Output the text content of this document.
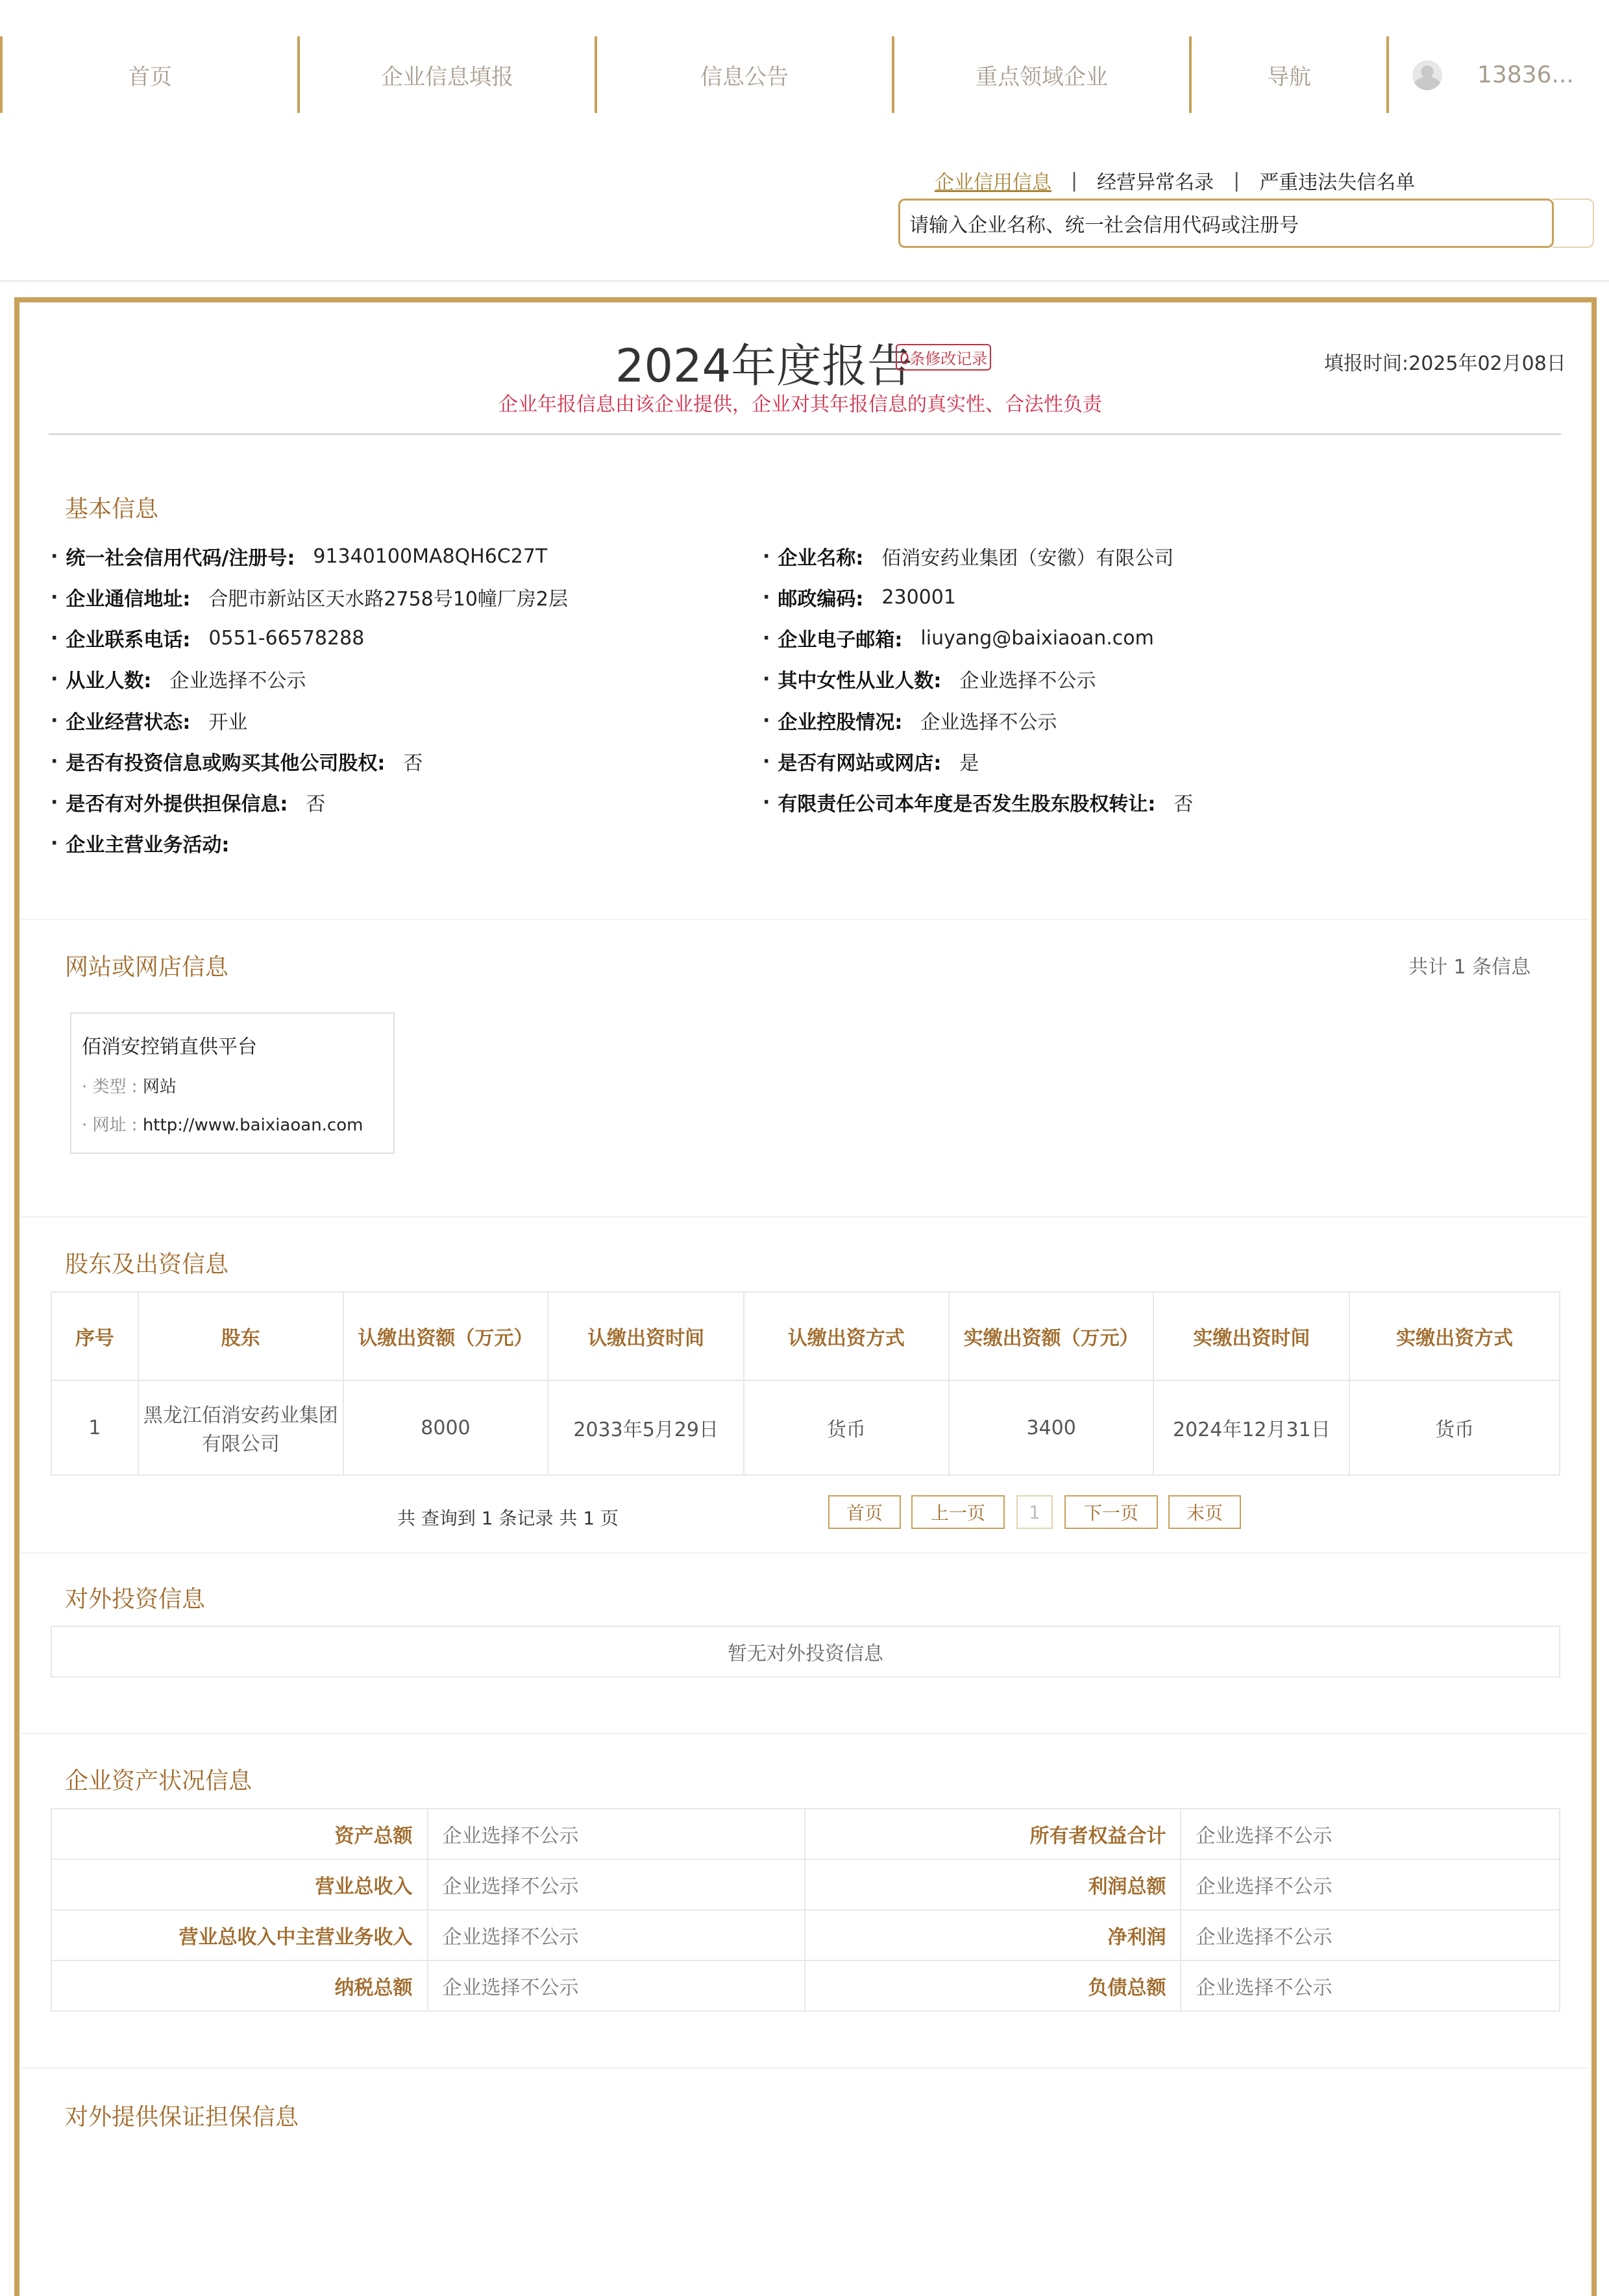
首页	企业信息填报	信息公告	重点领域企业	导航	13836...
企业信用信息 | 经营异常名录 | 严重违法失信名单
请输入企业名称、统一社会信用代码或注册号
2024年度报告
0条修改记录	填报时间:2025年02月08日
企业年报信息由该企业提供，企业对其年报信息的真实性、合法性负责
基本信息
· 统一社会信用代码/注册号: 91340100MA8QH6C27T
· 企业通信地址: 合肥市新站区天水路2758号10幢厂房2层
· 企业联系电话: 0551-66578288
· 从业人数: 企业选择不公示
· 企业经营状态: 开业
· 是否有投资信息或购买其他公司股权: 否
· 是否有对外提供担保信息: 否
· 企业主营业务活动:
· 企业名称: 佰消安药业集团（安徽）有限公司
· 邮政编码: 230001
· 企业电子邮箱: liuyang@baixiaoan.com
· 其中女性从业人数: 企业选择不公示
· 企业控股情况: 企业选择不公示
· 是否有网站或网店: 是
· 有限责任公司本年度是否发生股东股权转让: 否
网站或网店信息	共计 1 条信息
佰消安控销直供平台
· 类型 : 网站
· 网址 : http://www.baixiaoan.com
股东及出资信息
序号	股东	认缴出资额（万元）	认缴出资时间	认缴出资方式	实缴出资额（万元）	实缴出资时间	实缴出资方式
1	黑龙江佰消安药业集团有限公司	8000	2033年5月29日	货币	3400	2024年12月31日	货币
共 查询到 1 条记录 共 1 页	首页	上一页	1	下一页	末页
对外投资信息
暂无对外投资信息
企业资产状况信息
资产总额	企业选择不公示	所有者权益合计	企业选择不公示
营业总收入	企业选择不公示	利润总额	企业选择不公示
营业总收入中主营业务收入	企业选择不公示	净利润	企业选择不公示
纳税总额	企业选择不公示	负债总额	企业选择不公示
对外提供保证担保信息
